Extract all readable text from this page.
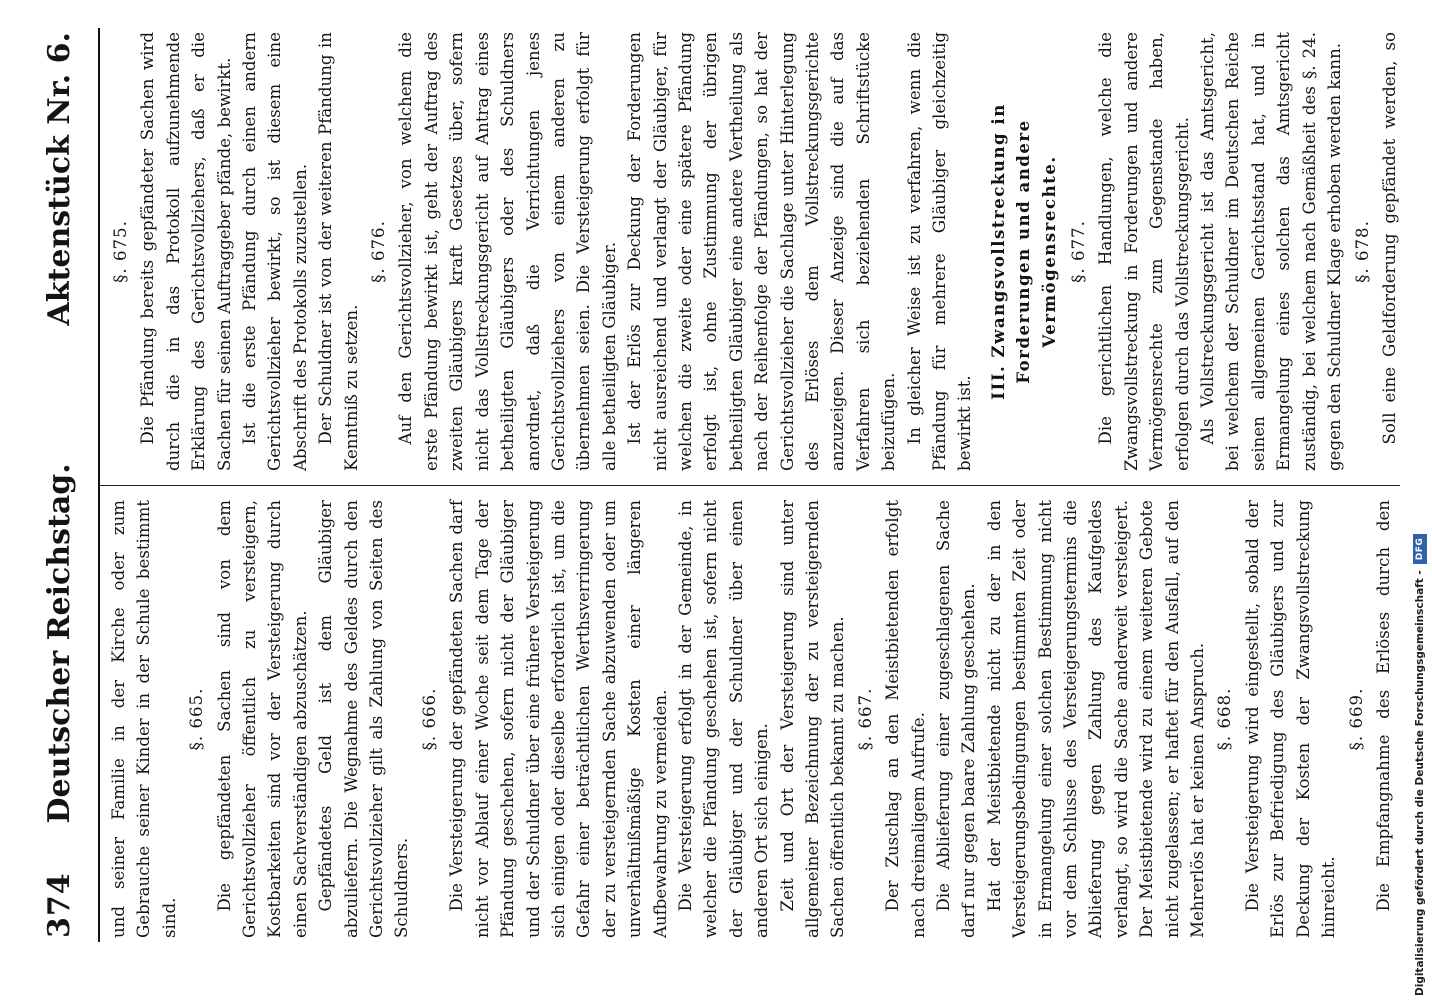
374
Deutscher Reichstag.
Aktenstück Nr. 6.

und seiner Familie in der Kirche oder zum Gebrauche seiner Kinder in der Schule bestimmt sind.

§. 665. Die gepfändeten Sachen sind von dem Gerichtsvollzieher öffentlich zu versteigern, Kostbarkeiten sind vor der Versteigerung durch einen Sachverständigen abzuschätzen. Gepfändetes Geld ist dem Gläubiger abzuliefern. Die Wegnahme des Geldes durch den Gerichtsvollzieher gilt als Zahlung von Seiten des Schuldners.

§. 666. Die Versteigerung der gepfändeten Sachen darf nicht vor Ablauf einer Woche seit dem Tage der Pfändung geschehen, sofern nicht der Gläubiger und der Schuldner über eine frühere Versteigerung sich einigen oder dieselbe erforderlich ist, um die Gefahr einer beträchtlichen Werthsverringerung der zu versteigernden Sache abzuwenden oder um unverhältnißmäßige Kosten einer längeren Aufbewahrung zu vermeiden. Die Versteigerung erfolgt in der Gemeinde, in welcher die Pfändung geschehen ist, sofern nicht der Gläubiger und der Schuldner über einen anderen Ort sich einigen. Zeit und Ort der Versteigerung sind unter allgemeiner Bezeichnung der zu versteigernden Sachen öffentlich bekannt zu machen. §. 667. Der Zuschlag an den Meistbietenden erfolgt nach dreimaligem Aufrufe. Die Ablieferung einer zugeschlagenen Sache darf nur gegen baare Zahlung geschehen. Hat der Meistbietende nicht zu der in den Versteigerungsbedingungen bestimmten Zeit oder in Ermangelung einer solchen Bestimmung nicht vor dem Schlusse des Versteigerungstermins die Ablieferung gegen Zahlung des Kaufgeldes verlangt, so wird die Sache anderweit versteigert. Der Meistbietende wird zu einem weiteren Gebote nicht zugelassen; er haftet für den Ausfall, auf den Mehrerlös hat er keinen Anspruch. §. 668. Die Versteigerung wird eingestellt, sobald der Erlös zur Befriedigung des Gläubigers und zur Deckung der Kosten der Zwangsvollstreckung hinreicht.

§. 669.

Die Empfangnahme des Erlöses durch den

§. 675. Die Pfändung bereits gepfändeter Sachen wird durch die in das Protokoll aufzunehmende Erklärung des Gerichtsvollziehers, daß er die Sachen für seinen Auftraggeber pfände, bewirkt. Ist die erste Pfändung durch einen andern Gerichtsvollzieher bewirkt, so ist diesem eine Abschrift des Protokolls zuzustellen. Der Schuldner ist von der weiteren Pfändung in Kenntniß zu setzen.

§. 676. Auf den Gerichtsvollzieher, von welchem die erste Pfändung bewirkt ist, geht der Auftrag des zweiten Gläubigers kraft Gesetzes über, sofern nicht das Vollstreckungsgericht auf Antrag eines betheiligten Gläubigers oder des Schuldners anordnet, daß die Verrichtungen jenes Gerichtsvollziehers von einem anderen zu übernehmen seien. Die Versteigerung erfolgt für alle betheiligten Gläubiger. Ist der Erlös zur Deckung der Forderungen nicht ausreichend und verlangt der Gläubiger, für welchen die zweite oder eine spätere Pfändung erfolgt ist, ohne Zustimmung der übrigen betheiligten Gläubiger eine andere Vertheilung als nach der Reihenfolge der Pfändungen, so hat der Gerichtsvollzieher die Sachlage unter Hinterlegung des Erlöses dem Vollstreckungsgerichte anzuzeigen. Dieser Anzeige sind die auf das Verfahren sich beziehenden Schriftstücke beizufügen. In gleicher Weise ist zu verfahren, wenn die Pfändung für mehrere Gläubiger gleichzeitig bewirkt ist.

III. Zwangsvollstreckung in Forderungen und andere Vermögensrechte. §. 677. Die gerichtlichen Handlungen, welche die Zwangsvollstreckung in Forderungen und andere Vermögensrechte zum Gegenstande haben, erfolgen durch das Vollstreckungsgericht. Als Vollstreckungsgericht ist das Amtsgericht, bei welchem der Schuldner im Deutschen Reiche seinen allgemeinen Gerichtsstand hat, und in Ermangelung eines solchen das Amtsgericht zuständig, bei welchem nach Gemäßheit des §. 24. gegen den Schuldner Klage erhoben werden kann. §. 678.

Soll eine Geldforderung gepfändet werden, so

Digitalisierung gefördert durch die Deutsche Forschungsgemeinschaft -
DFG
